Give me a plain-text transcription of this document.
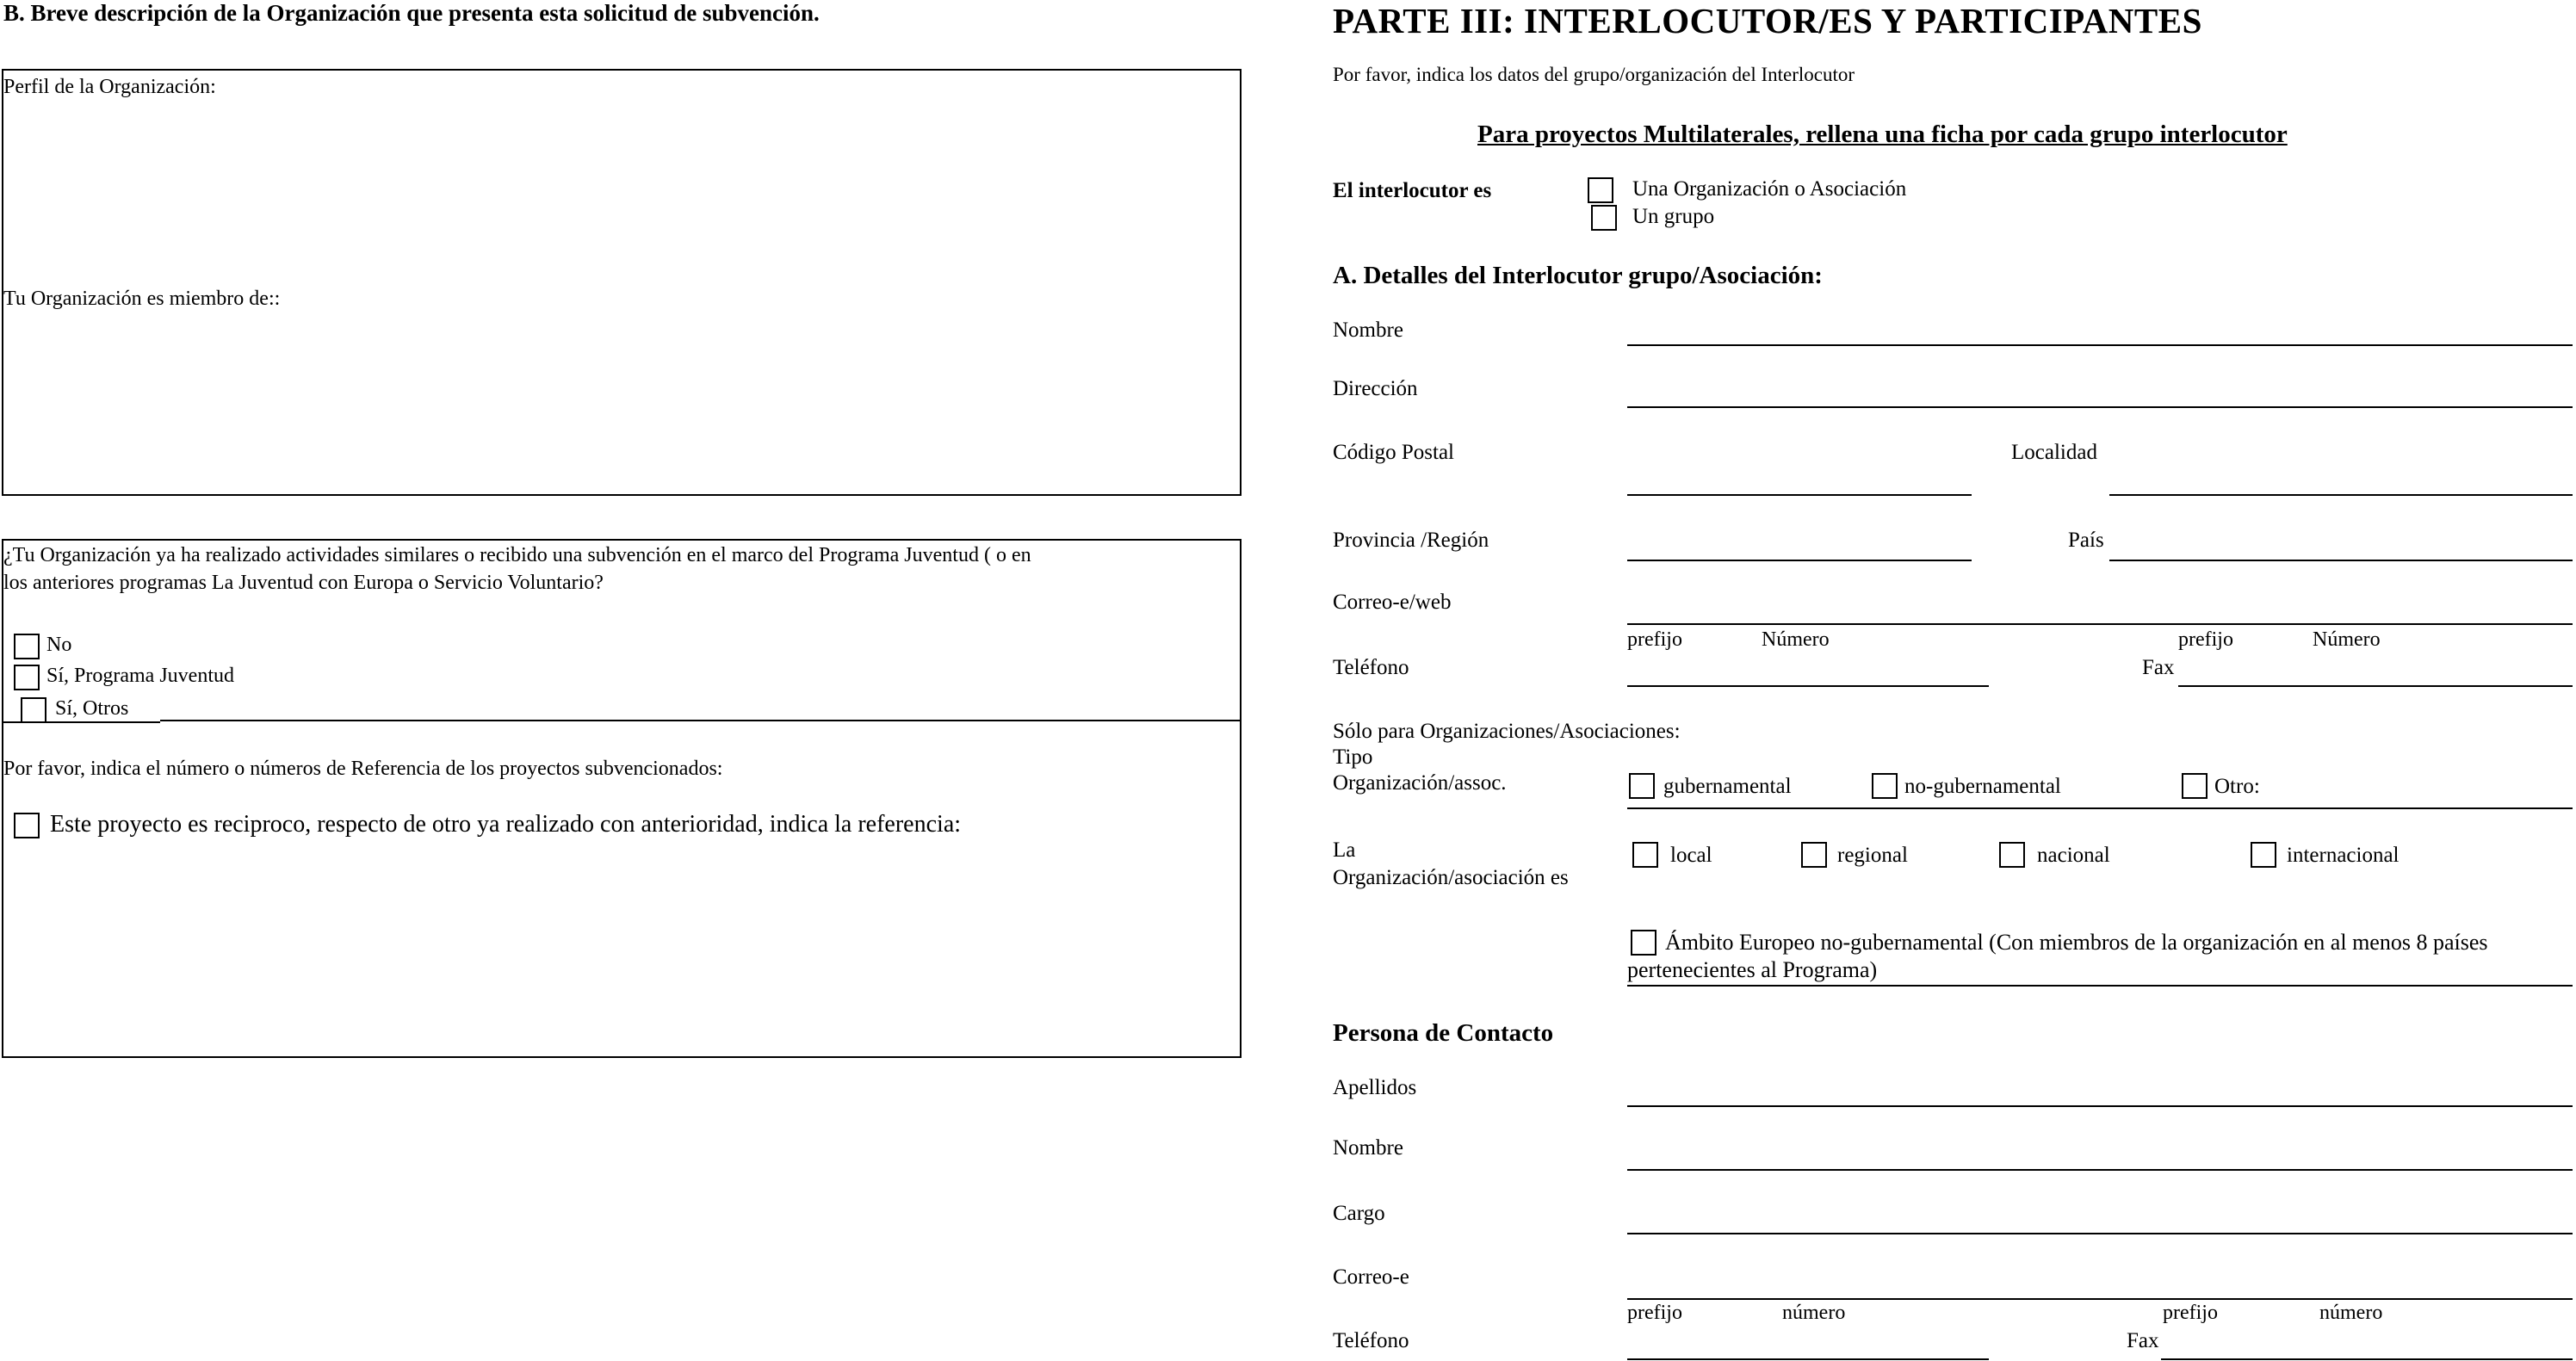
B. Breve descripción de la Organización que presenta esta solicitud de subvención.
Perfil de la Organización:
Tu Organización es miembro de::
¿Tu Organización ya ha realizado actividades similares o recibido una subvención en el marco del Programa Juventud ( o en
los anteriores programas La Juventud con Europa o Servicio Voluntario?
No
Sí, Programa Juventud
Sí, Otros
Por favor, indica el número o números de Referencia de los proyectos subvencionados:
Este proyecto es reciproco, respecto de otro ya realizado con anterioridad, indica la referencia:
PARTE III: INTERLOCUTOR/ES Y PARTICIPANTES
Por favor, indica los datos del grupo/organización del Interlocutor
Para proyectos Multilaterales, rellena una ficha por cada grupo interlocutor
El interlocutor es	Una Organización o Asociación
Un grupo
A. Detalles del Interlocutor grupo/Asociación:
Nombre
Dirección
Código Postal	Localidad
Provincia /Región	País
Correo-e/web
prefijo	Número
Teléfono
prefijo	Número
Fax
Sólo para Organizaciones/Asociaciones:
Tipo
Organización/assoc.	gubernamental	no-gubernamental	Otro:
La
Organización/asociación es
local	regional	nacional	internacional
Ámbito Europeo no-gubernamental (Con miembros de la organización en al menos 8 países
pertenecientes al Programa)
Persona de Contacto
Apellidos
Nombre
Cargo
Correo-e
prefijo	número
Teléfono
prefijo	número
Fax
